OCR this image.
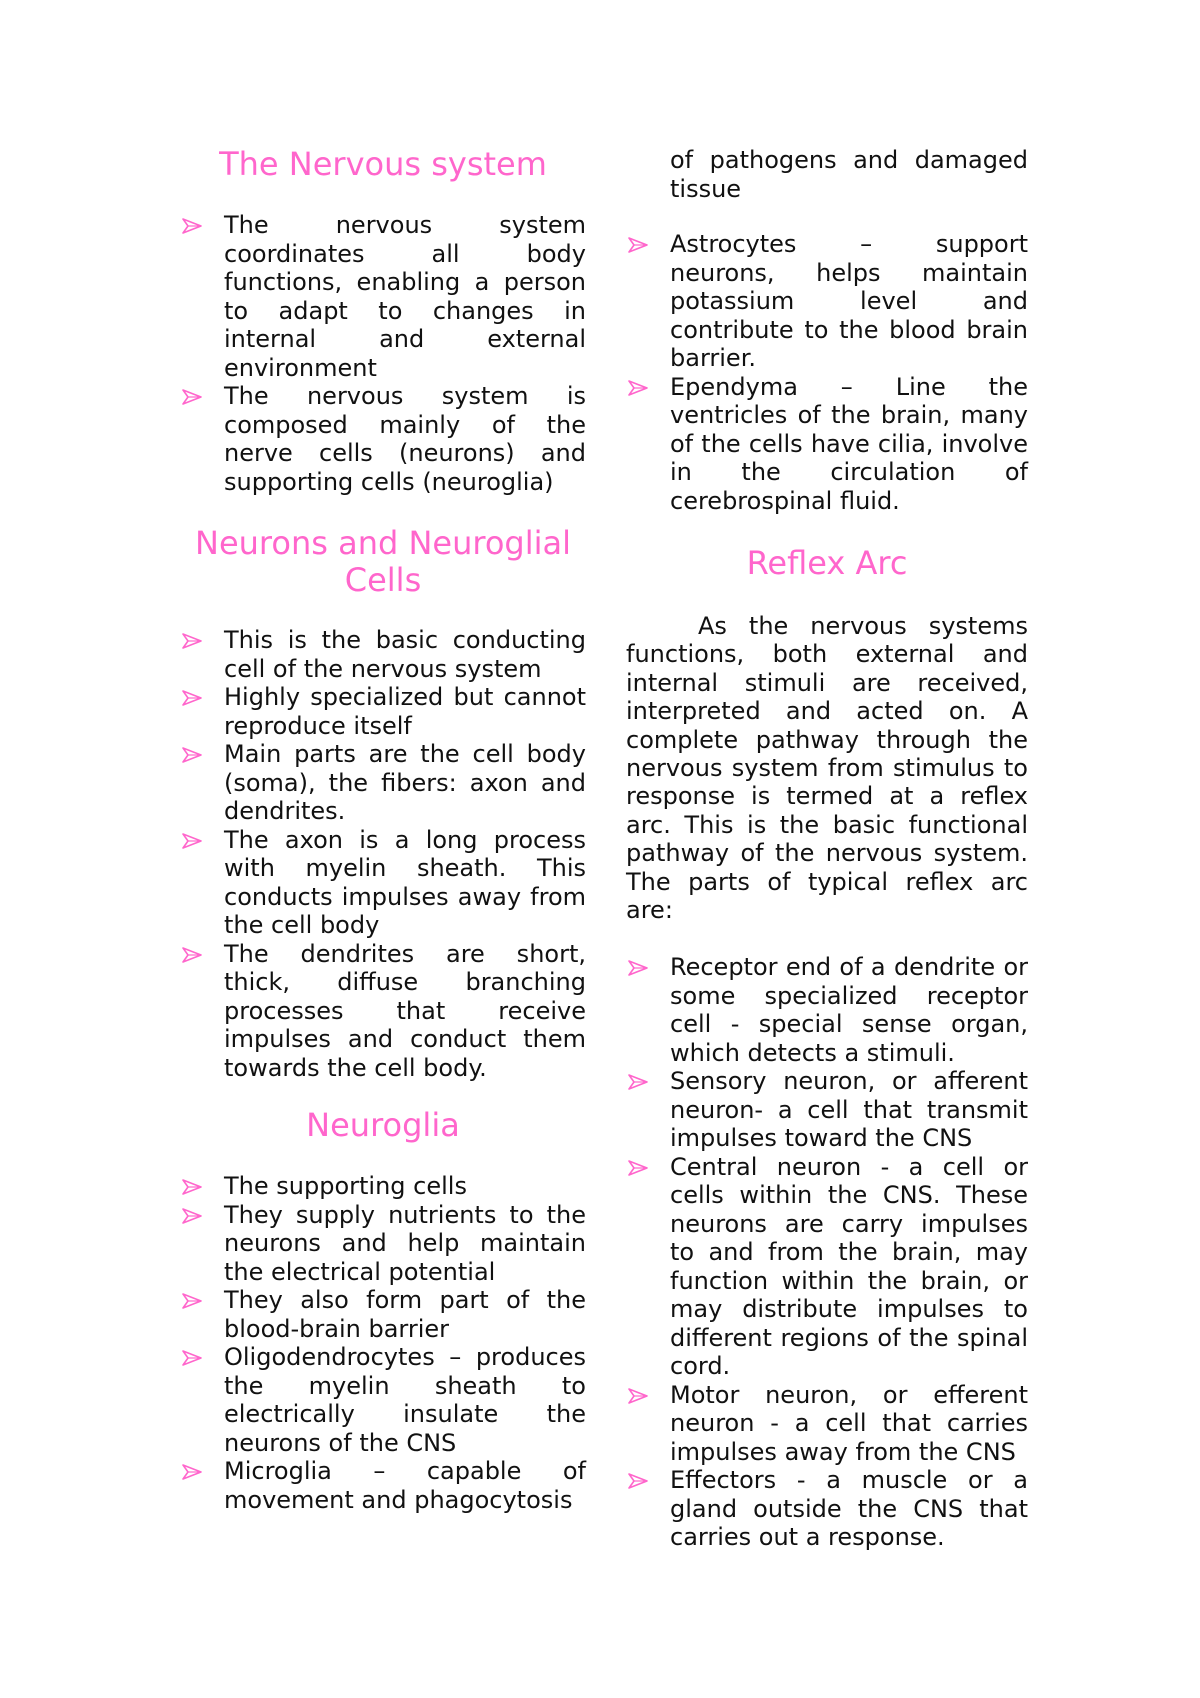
The Nervous system
The nervous system coordinates all body functions, enabling a person to adapt to changes in internal and external environment
The nervous system is composed mainly of the nerve cells (neurons) and supporting cells (neuroglia)
Neurons and Neuroglial
Cells
This is the basic conducting cell of the nervous system
Highly specialized but cannot reproduce itself
Main parts are the cell body (soma), the fibers: axon and dendrites.
The axon is a long process with myelin sheath. This conducts impulses away from the cell body
The dendrites are short, thick, diffuse branching processes that receive impulses and conduct them towards the cell body.
Neuroglia
The supporting cells
They supply nutrients to the neurons and help maintain the electrical potential
They also form part of the blood-brain barrier
Oligodendrocytes – produces the myelin sheath to electrically insulate the neurons of the CNS
Microglia – capable of movement and phagocytosis

of pathogens and damaged tissue

Astrocytes – support neurons, helps maintain potassium level and contribute to the blood brain barrier.
Ependyma – Line the ventricles of the brain, many of the cells have cilia, involve in the circulation of cerebrospinal fluid.
Reflex Arc

As the nervous systems functions, both external and internal stimuli are received, interpreted and acted on. A complete pathway through the nervous system from stimulus to response is termed at a reflex arc. This is the basic functional pathway of the nervous system. The parts of typical reflex arc are:

Receptor end of a dendrite or some specialized receptor cell - special sense organ, which detects a stimuli.
Sensory neuron, or afferent neuron- a cell that transmit impulses toward the CNS
Central neuron - a cell or cells within the CNS. These neurons are carry impulses to and from the brain, may function within the brain, or may distribute impulses to different regions of the spinal cord.
Motor neuron, or efferent neuron - a cell that carries impulses away from the CNS
Effectors - a muscle or a gland outside the CNS that carries out a response.
